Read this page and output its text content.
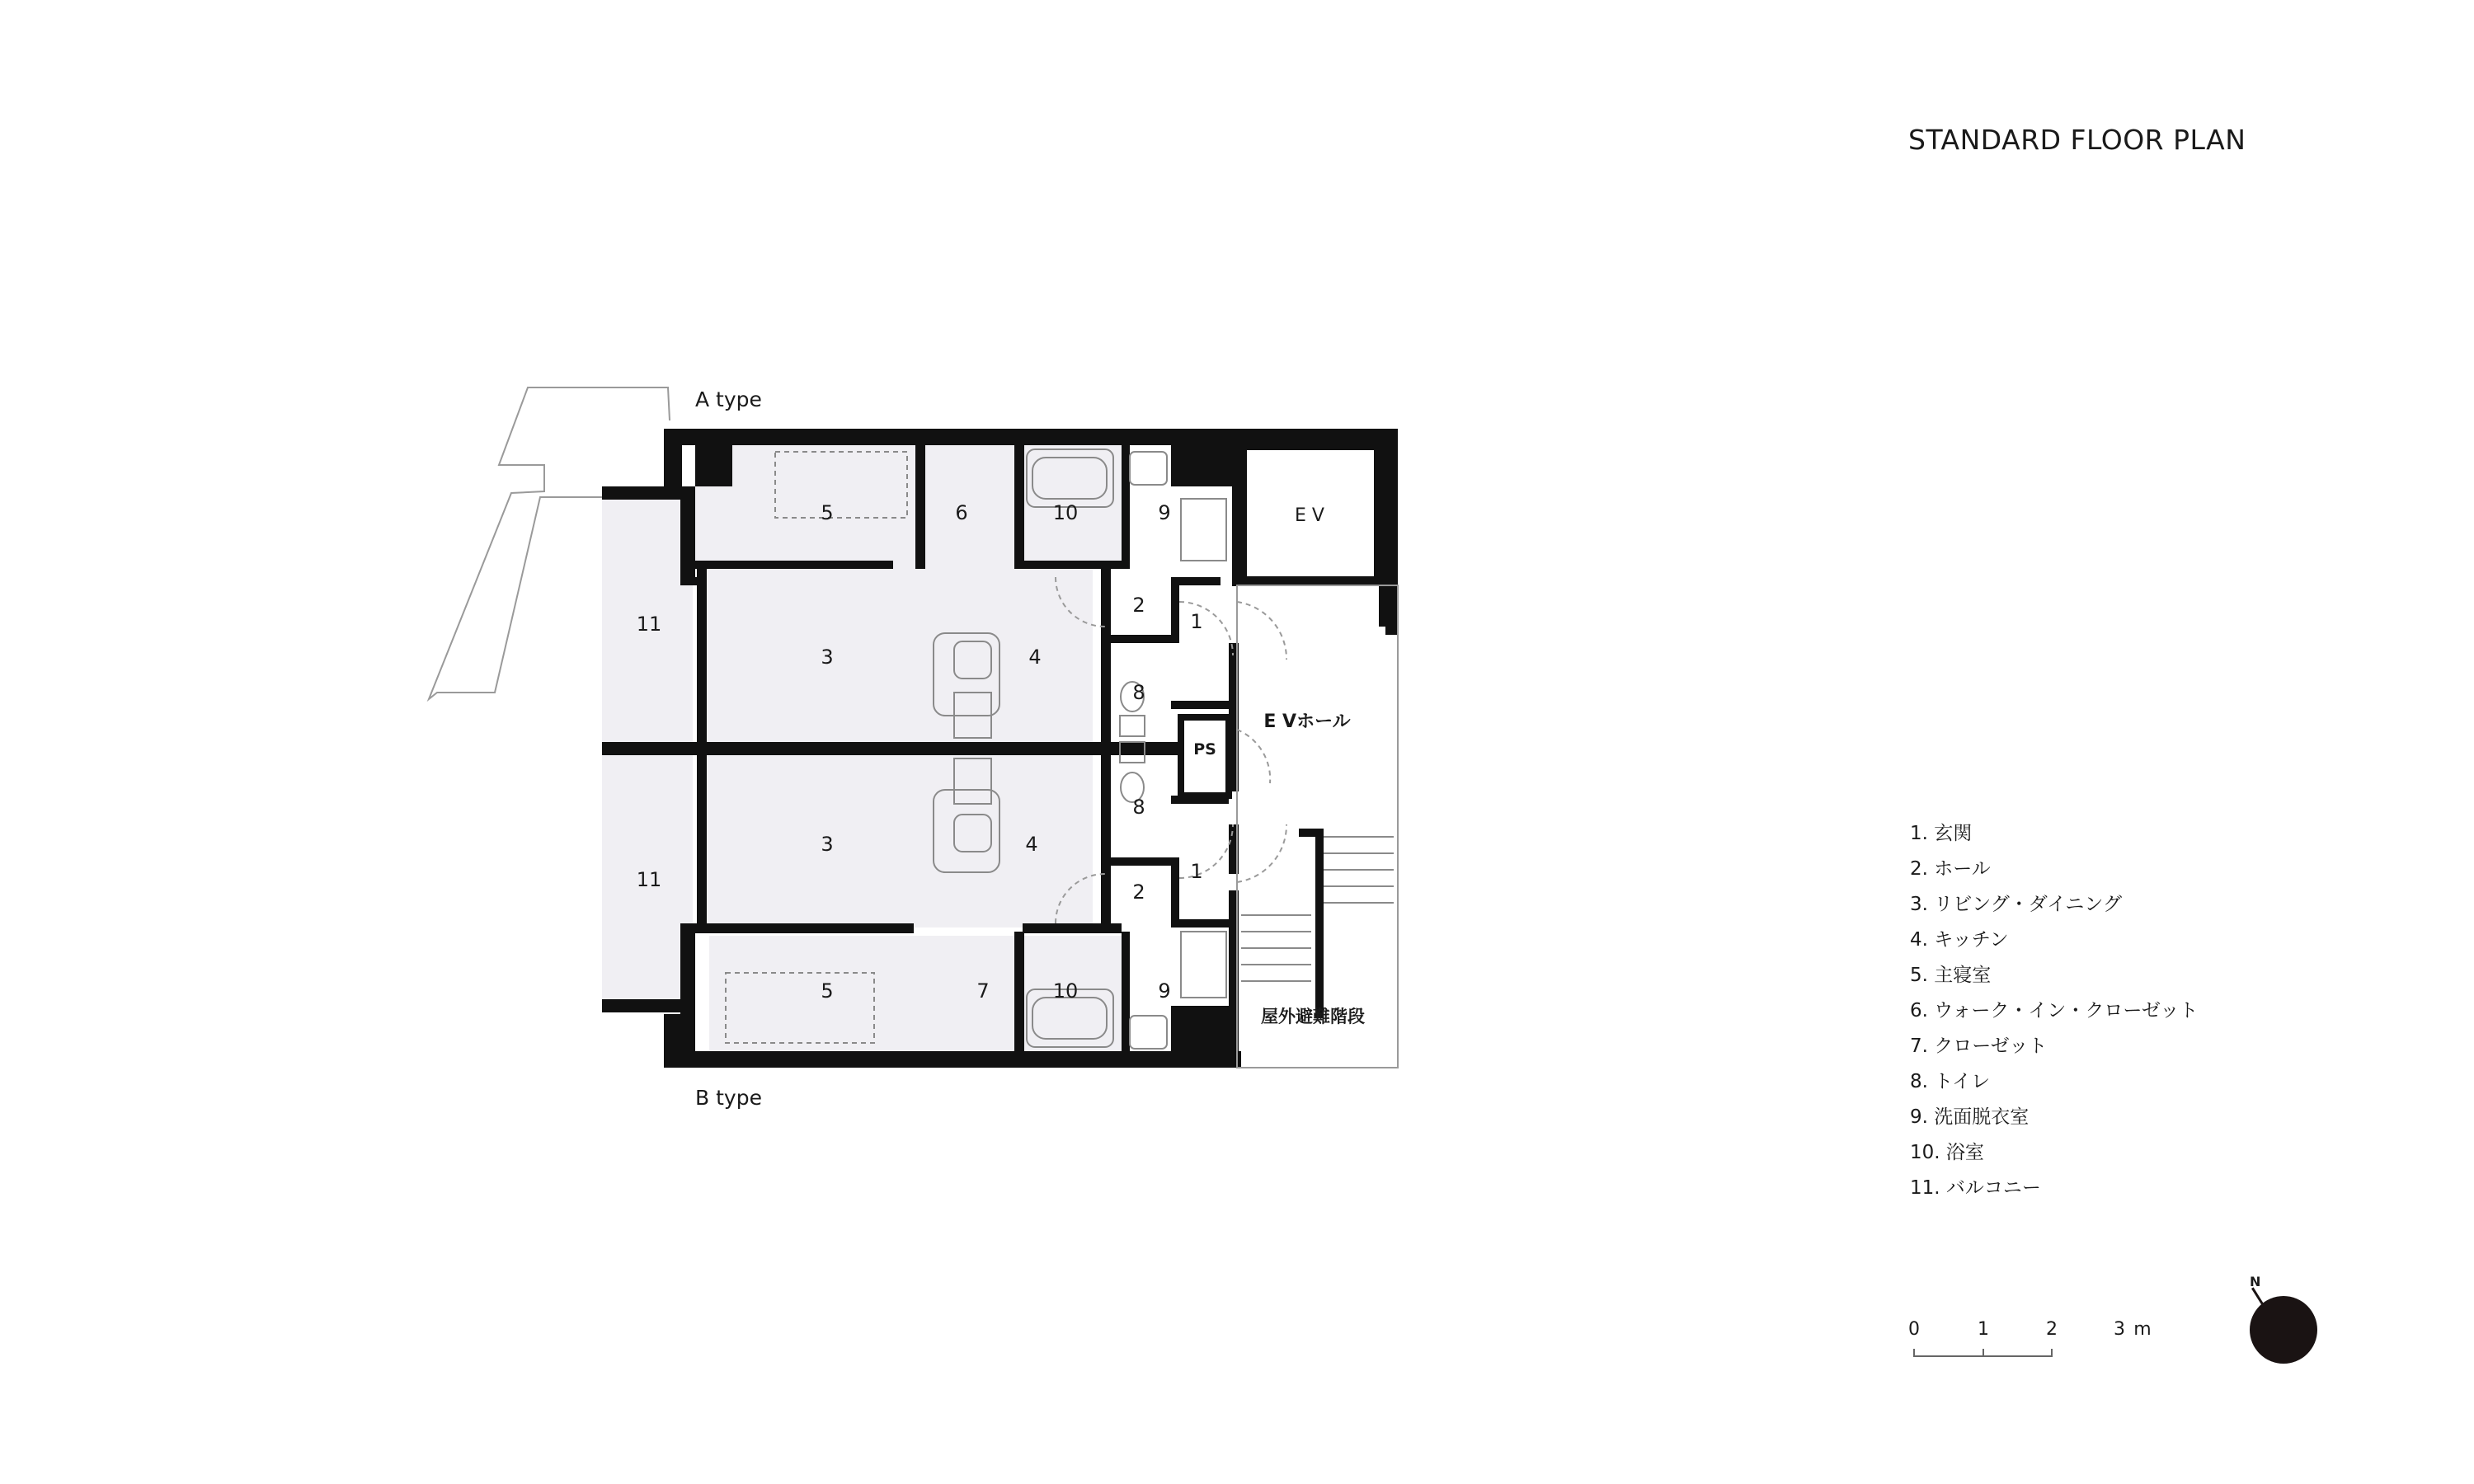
STANDARD FLOOR PLAN
A type
B type
11
3	4
5	6	10	9
2
1
8
11
3	4
5	7	10	9
2
1
8
E V
E Vホール
PS
屋外避難階段
1. 玄関
2. ホール
3. リビング・ダイニング
4. キッチン
5. 主寝室
6. ウォーク・イン・クローゼット
7. クローゼット
8. トイレ
9. 洗面脱衣室
10. 浴室
11. バルコニー
0	1	2	3 m
N
